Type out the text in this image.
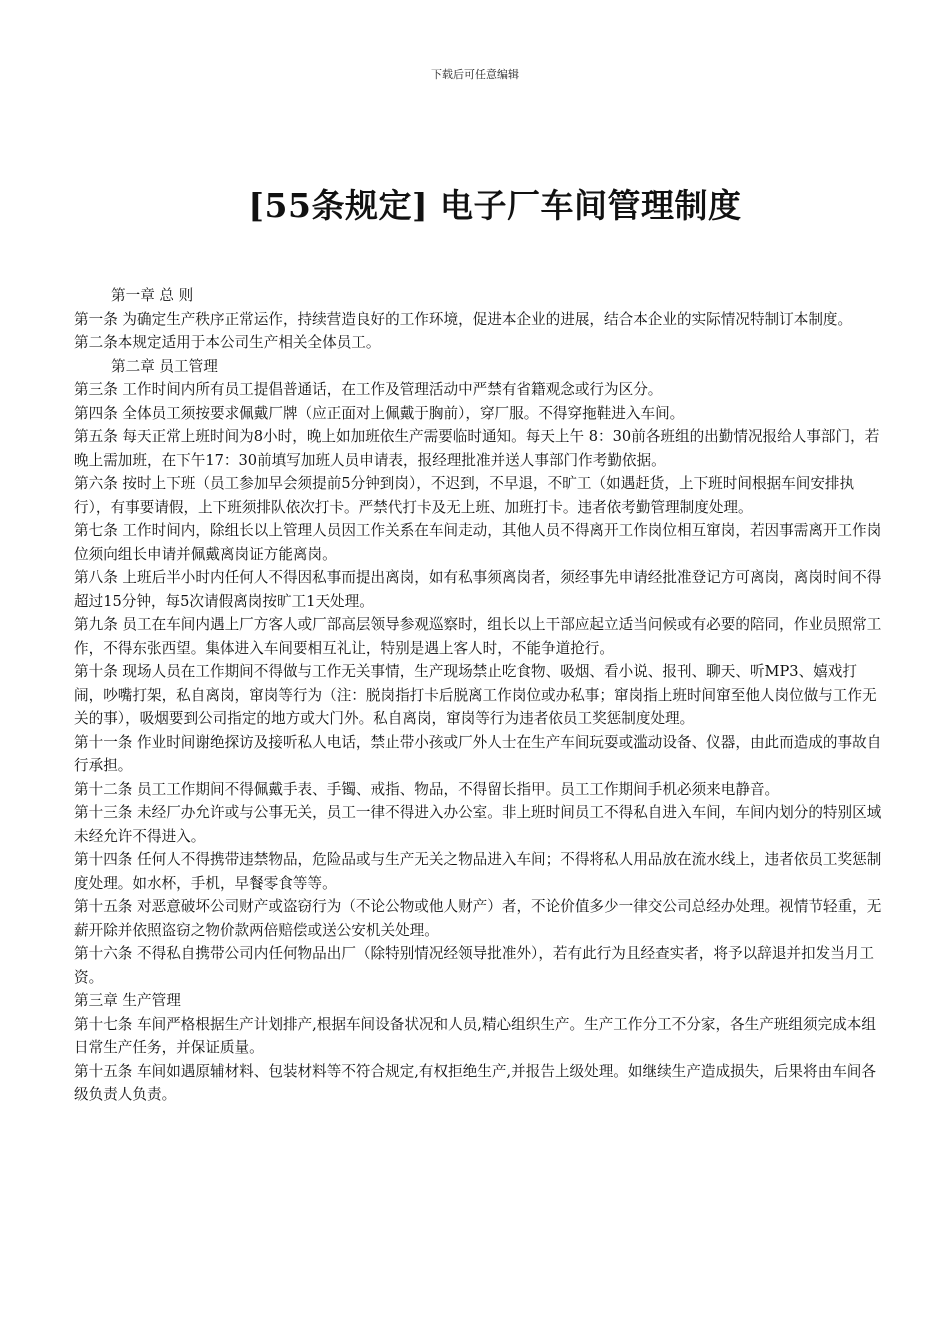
下载后可任意编辑
[55条规定] 电子厂车间管理制度

第一章 总 则

第一条 为确定生产秩序正常运作，持续营造良好的工作环境，促进本企业的进展，结合本企业的实际情况特制订本制度。

第二条本规定适用于本公司生产相关全体员工。

第二章 员工管理

第三条 工作时间内所有员工提倡普通话，在工作及管理活动中严禁有省籍观念或行为区分。

第四条 全体员工须按要求佩戴厂牌（应正面对上佩戴于胸前），穿厂服。不得穿拖鞋进入车间。

第五条 每天正常上班时间为8小时，晚上如加班依生产需要临时通知。每天上午 8：30前各班组的出勤情况报给人事部门，若晚上需加班，在下午17：30前填写加班人员申请表，报经理批准并送人事部门作考勤依据。

第六条 按时上下班（员工参加早会须提前5分钟到岗），不迟到，不早退，不旷工（如遇赶货，上下班时间根据车间安排执行），有事要请假，上下班须排队依次打卡。严禁代打卡及无上班、加班打卡。违者依考勤管理制度处理。

第七条 工作时间内，除组长以上管理人员因工作关系在车间走动，其他人员不得离开工作岗位相互窜岗，若因事需离开工作岗位须向组长申请并佩戴离岗证方能离岗。

第八条 上班后半小时内任何人不得因私事而提出离岗，如有私事须离岗者，须经事先申请经批准登记方可离岗，离岗时间不得超过15分钟，每5次请假离岗按旷工1天处理。

第九条 员工在车间内遇上厂方客人或厂部高层领导参观巡察时，组长以上干部应起立适当问候或有必要的陪同，作业员照常工作，不得东张西望。集体进入车间要相互礼让，特别是遇上客人时，不能争道抢行。

第十条 现场人员在工作期间不得做与工作无关事情，生产现场禁止吃食物、吸烟、看小说、报刊、聊天、听MP3、嬉戏打闹，吵嘴打架，私自离岗，窜岗等行为（注：脱岗指打卡后脱离工作岗位或办私事；窜岗指上班时间窜至他人岗位做与工作无关的事），吸烟要到公司指定的地方或大门外。私自离岗，窜岗等行为违者依员工奖惩制度处理。

第十一条 作业时间谢绝探访及接听私人电话，禁止带小孩或厂外人士在生产车间玩耍或滥动设备、仪器，由此而造成的事故自行承担。

第十二条 员工工作期间不得佩戴手表、手镯、戒指、物品，不得留长指甲。员工工作期间手机必须来电静音。

第十三条 未经厂办允许或与公事无关，员工一律不得进入办公室。非上班时间员工不得私自进入车间，车间内划分的特别区域未经允许不得进入。

第十四条 任何人不得携带违禁物品，危险品或与生产无关之物品进入车间；不得将私人用品放在流水线上，违者依员工奖惩制度处理。如水杯，手机，早餐零食等等。

第十五条 对恶意破坏公司财产或盗窃行为（不论公物或他人财产）者，不论价值多少一律交公司总经办处理。视情节轻重，无薪开除并依照盗窃之物价款两倍赔偿或送公安机关处理。

第十六条 不得私自携带公司内任何物品出厂（除特别情况经领导批准外），若有此行为且经查实者，将予以辞退并扣发当月工资。

第三章 生产管理

第十七条 车间严格根据生产计划排产,根据车间设备状况和人员,精心组织生产。生产工作分工不分家，各生产班组须完成本组日常生产任务，并保证质量。

第十五条 车间如遇原辅材料、包装材料等不符合规定,有权拒绝生产,并报告上级处理。如继续生产造成损失，后果将由车间各级负责人负责。
